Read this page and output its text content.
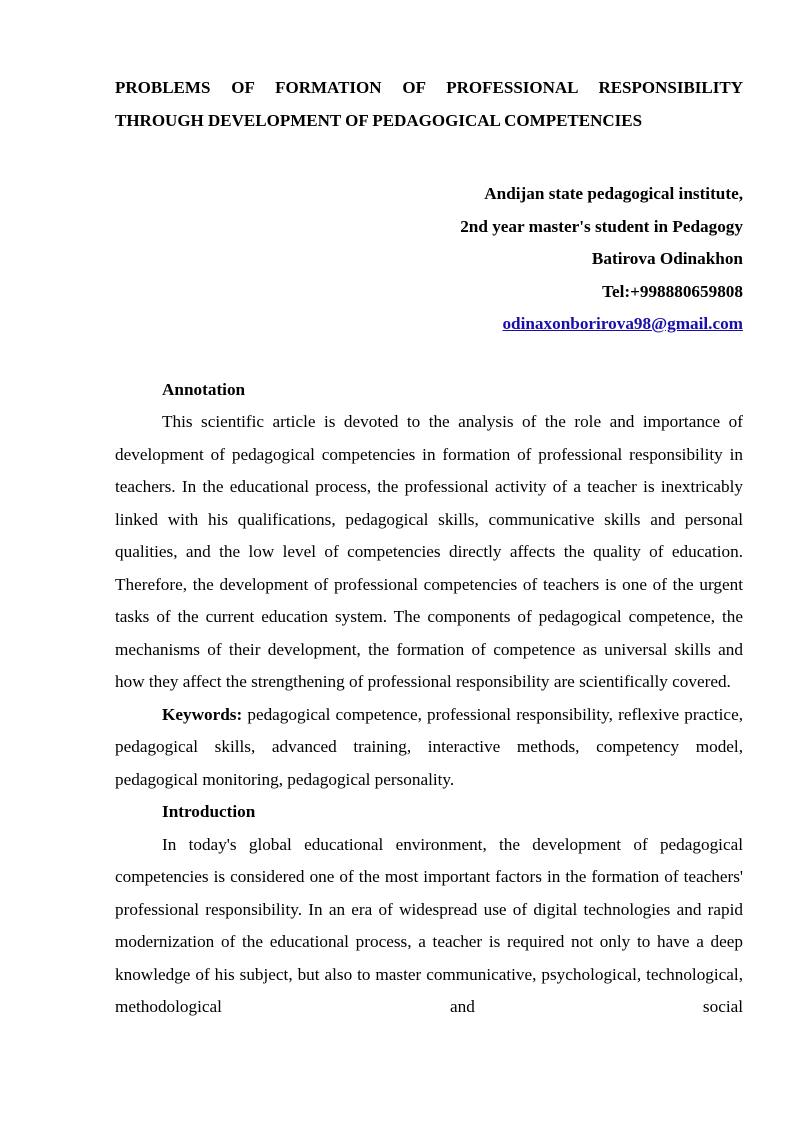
PROBLEMS OF FORMATION OF PROFESSIONAL RESPONSIBILITY
THROUGH DEVELOPMENT OF PEDAGOGICAL COMPETENCIES
Andijan state pedagogical institute,
2nd year master's student in Pedagogy
Batirova Odinakhon
Tel:+998880659808
odinaxonborirova98@gmail.com
Annotation

This scientific article is devoted to the analysis of the role and importance of development of pedagogical competencies in formation of professional responsibility in teachers. In the educational process, the professional activity of a teacher is inextricably linked with his qualifications, pedagogical skills, communicative skills and personal qualities, and the low level of competencies directly affects the quality of education. Therefore, the development of professional competencies of teachers is one of the urgent tasks of the current education system. The components of pedagogical competence, the mechanisms of their development, the formation of competence as universal skills and how they affect the strengthening of professional responsibility are scientifically covered.

Keywords: pedagogical competence, professional responsibility, reflexive practice, pedagogical skills, advanced training, interactive methods, competency model, pedagogical monitoring, pedagogical personality.

Introduction

In today's global educational environment, the development of pedagogical competencies is considered one of the most important factors in the formation of teachers' professional responsibility. In an era of widespread use of digital technologies and rapid modernization of the educational process, a teacher is required not only to have a deep knowledge of his subject, but also to master communicative, psychological, technological, methodological and social
